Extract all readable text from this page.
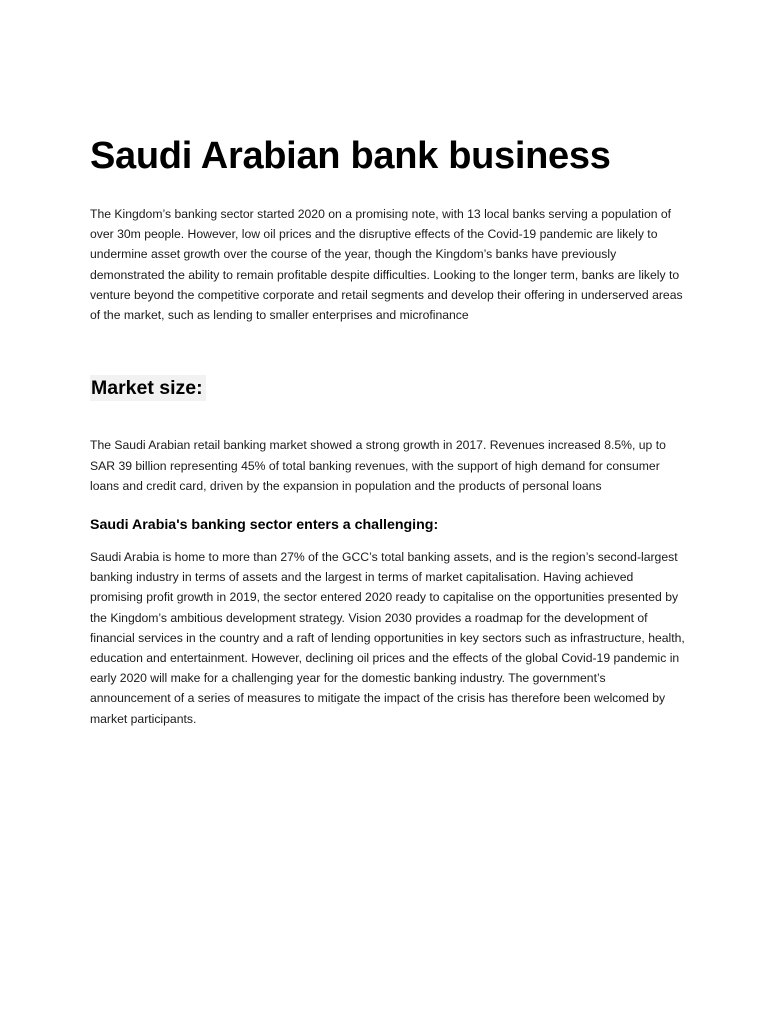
Saudi Arabian bank business

The Kingdom’s banking sector started 2020 on a promising note, with 13 local banks serving a population of over 30m people. However, low oil prices and the disruptive effects of the Covid-19 pandemic are likely to undermine asset growth over the course of the year, though the Kingdom’s banks have previously demonstrated the ability to remain profitable despite difficulties. Looking to the longer term, banks are likely to venture beyond the competitive corporate and retail segments and develop their offering in underserved areas of the market, such as lending to smaller enterprises and microfinance

Market size:

The Saudi Arabian retail banking market showed a strong growth in 2017. Revenues increased 8.5%, up to SAR 39 billion representing 45% of total banking revenues, with the support of high demand for consumer loans and credit card, driven by the expansion in population and the products of personal loans

Saudi Arabia's banking sector enters a challenging:

Saudi Arabia is home to more than 27% of the GCC’s total banking assets, and is the region’s second-largest banking industry in terms of assets and the largest in terms of market capitalisation. Having achieved promising profit growth in 2019, the sector entered 2020 ready to capitalise on the opportunities presented by the Kingdom’s ambitious development strategy. Vision 2030 provides a roadmap for the development of financial services in the country and a raft of lending opportunities in key sectors such as infrastructure, health, education and entertainment. However, declining oil prices and the effects of the global Covid-19 pandemic in early 2020 will make for a challenging year for the domestic banking industry. The government’s announcement of a series of measures to mitigate the impact of the crisis has therefore been welcomed by market participants.
